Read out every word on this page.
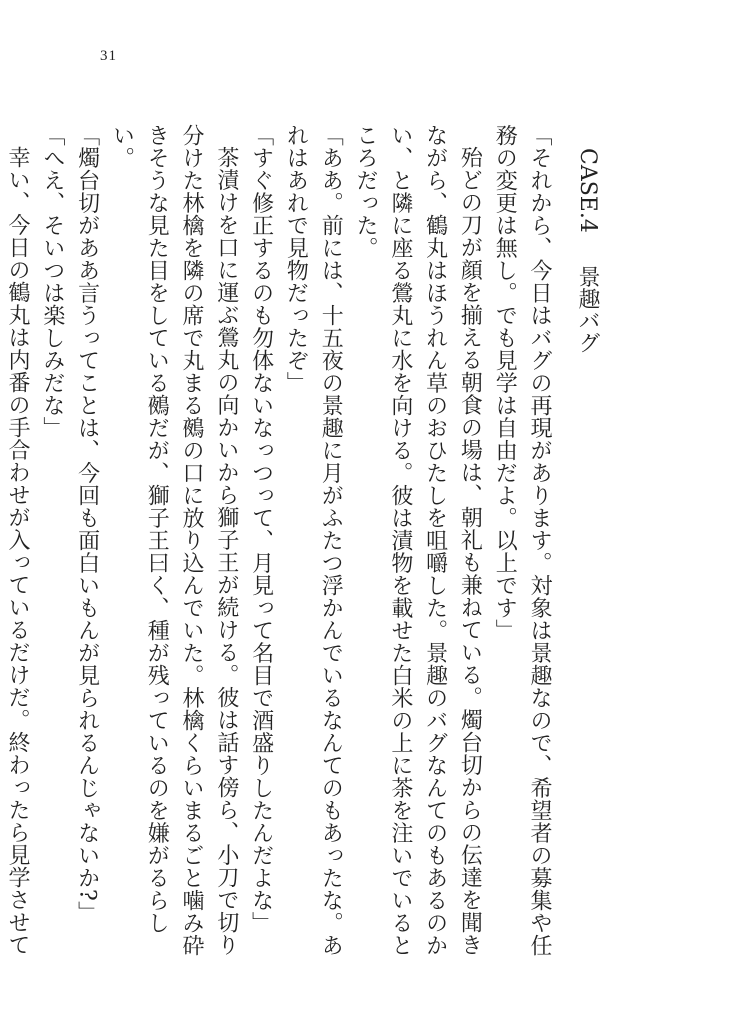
31
CASE.4 景趣バグ

「それから、今日はバグの再現があります。対象は景趣なので、希望者の募集や任務の変更は無し。でも見学は自由だよ。以上です」

殆どの刀が顔を揃える朝食の場は、朝礼も兼ねている。燭台切からの伝達を聞きながら、鶴丸はほうれん草のおひたしを咀嚼した。景趣のバグなんてのもあるのかい、と隣に座る鶯丸に水を向ける。彼は漬物を載せた白米の上に茶を注いでいるところだった。

「ああ。前には、十五夜の景趣に月がふたつ浮かんでいるなんてのもあったな。あれはあれで見物だったぞ」

「すぐ修正するのも勿体ないなっつって、月見って名目で酒盛りしたんだよな」

茶漬けを口に運ぶ鶯丸の向かいから獅子王が続ける。彼は話す傍ら、小刀で切り分けた林檎を隣の席で丸まる鵺の口に放り込んでいた。林檎くらいまるごと噛み砕きそうな見た目をしている鵺だが、獅子王曰く、種が残っているのを嫌がるらしい。

「燭台切がああ言うってことは、今回も面白いもんが見られるんじゃないか?」

「へえ、そいつは楽しみだな」

幸い、今日の鶴丸は内番の手合わせが入っているだけだ。終わったら見学させて
